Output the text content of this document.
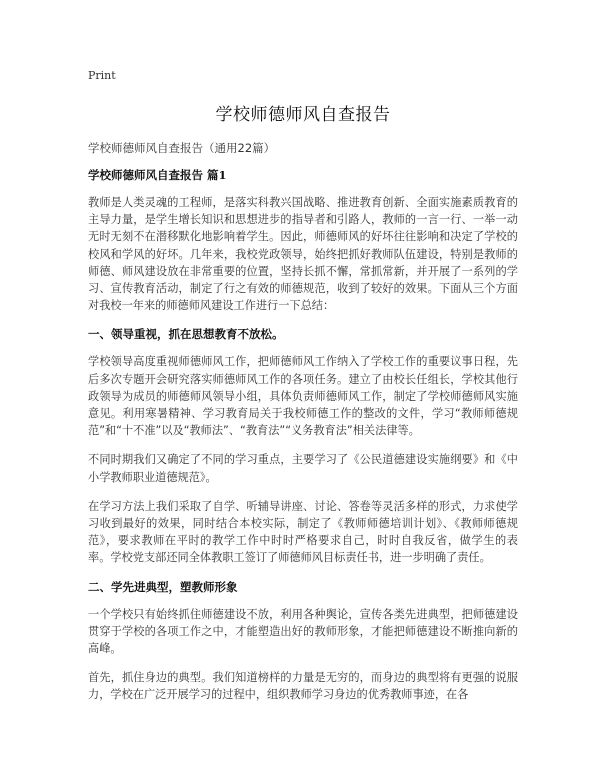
Print
学校师德师风自查报告

学校师德师风自查报告（通用22篇）

学校师德师风自查报告 篇1

教师是人类灵魂的工程师，是落实科教兴国战略、推进教育创新、全面实施素质教育的主导力量，是学生增长知识和思想进步的指导者和引路人，教师的一言一行、一举一动无时无刻不在潜移默化地影响着学生。因此，师德师风的好坏往往影响和决定了学校的校风和学风的好坏。几年来，我校党政领导，始终把抓好教师队伍建设，特别是教师的师德、师风建设放在非常重要的位置，坚持长抓不懈，常抓常新，并开展了一系列的学习、宣传教育活动，制定了行之有效的师德规范，收到了较好的效果。下面从三个方面对我校一年来的师德师风建设工作进行一下总结：

一、领导重视，抓在思想教育不放松。

学校领导高度重视师德师风工作，把师德师风工作纳入了学校工作的重要议事日程，先后多次专题开会研究落实师德师风工作的各项任务。建立了由校长任组长，学校其他行政领导为成员的师德师风领导小组，具体负责师德师风工作，制定了学校师德师风实施意见。利用寒暑精神、学习教育局关于我校师德工作的整改的文件，学习“教师师德规范”和“十不准”以及“教师法”、“教育法”“义务教育法”相关法律等。

不同时期我们又确定了不同的学习重点，主要学习了《公民道德建设实施纲要》和《中小学教师职业道德规范》。

在学习方法上我们采取了自学、听辅导讲座、讨论、答卷等灵活多样的形式，力求使学习收到最好的效果，同时结合本校实际，制定了《教师师德培训计划》、《教师师德规范》，要求教师在平时的教学工作中时时严格要求自己，时时自我反省，做学生的表率。学校党支部还同全体教职工签订了师德师风目标责任书，进一步明确了责任。

二、学先进典型，塑教师形象

一个学校只有始终抓住师德建设不放，利用各种舆论，宣传各类先进典型，把师德建设贯穿于学校的各项工作之中，才能塑造出好的教师形象，才能把师德建设不断推向新的高峰。

首先，抓住身边的典型。我们知道榜样的力量是无穷的，而身边的典型将有更强的说服力，学校在广泛开展学习的过程中，组织教师学习身边的优秀教师事迹，在各
